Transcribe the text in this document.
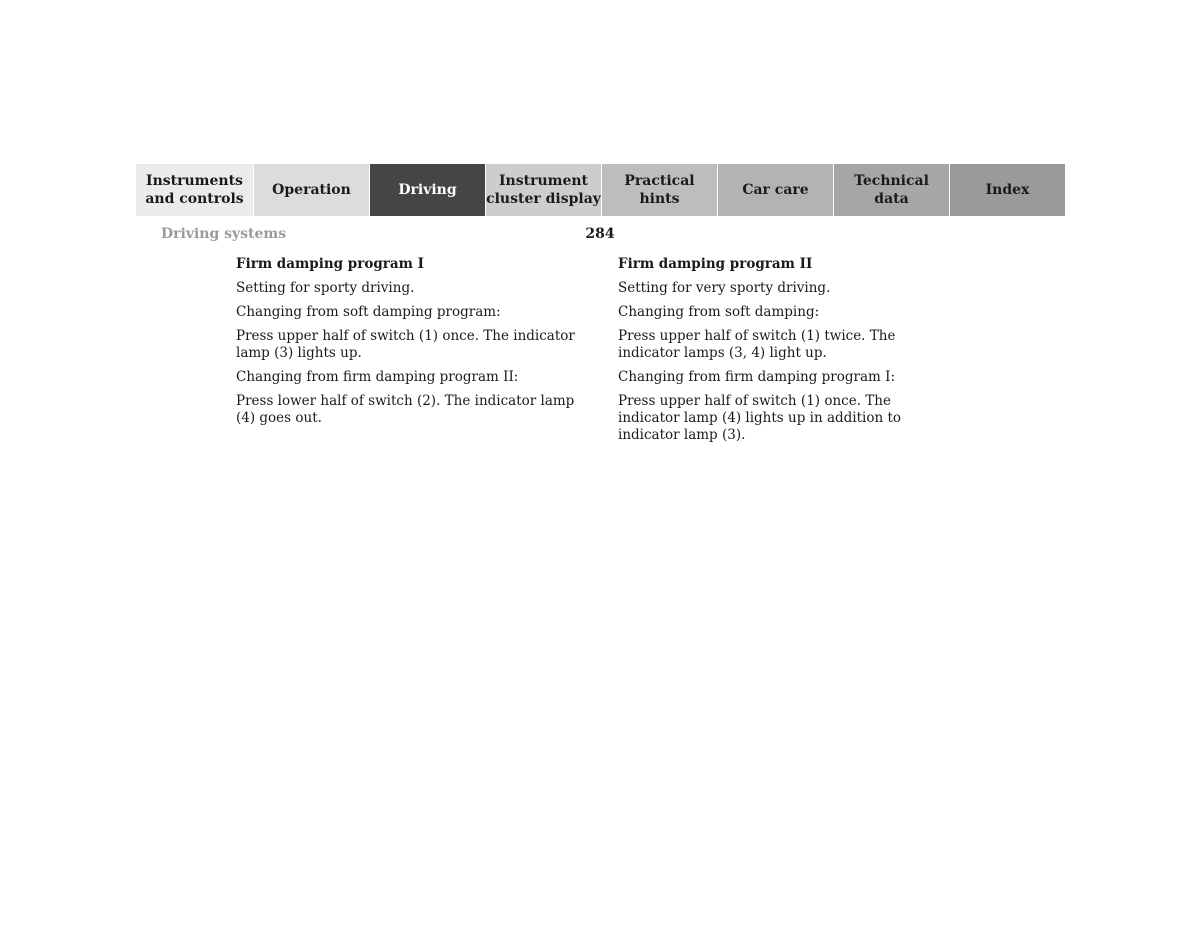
Instruments
and controls
Operation	Driving
Instrument
cluster display
Practical hints
Car care
Technical
data
Index
Driving systems	284

Firm damping program I

Setting for sporty driving.

Changing from soft damping program:

Press upper half of switch (1) once. The indicator lamp (3) lights up.

Changing from firm damping program II:

Press lower half of switch (2). The indicator lamp (4) goes out.

Firm damping program II

Setting for very sporty driving.

Changing from soft damping:

Press upper half of switch (1) twice. The indicator lamps (3, 4) light up.

Changing from firm damping program I:

Press upper half of switch (1) once. The indicator lamp (4) lights up in addition to indicator lamp (3).
